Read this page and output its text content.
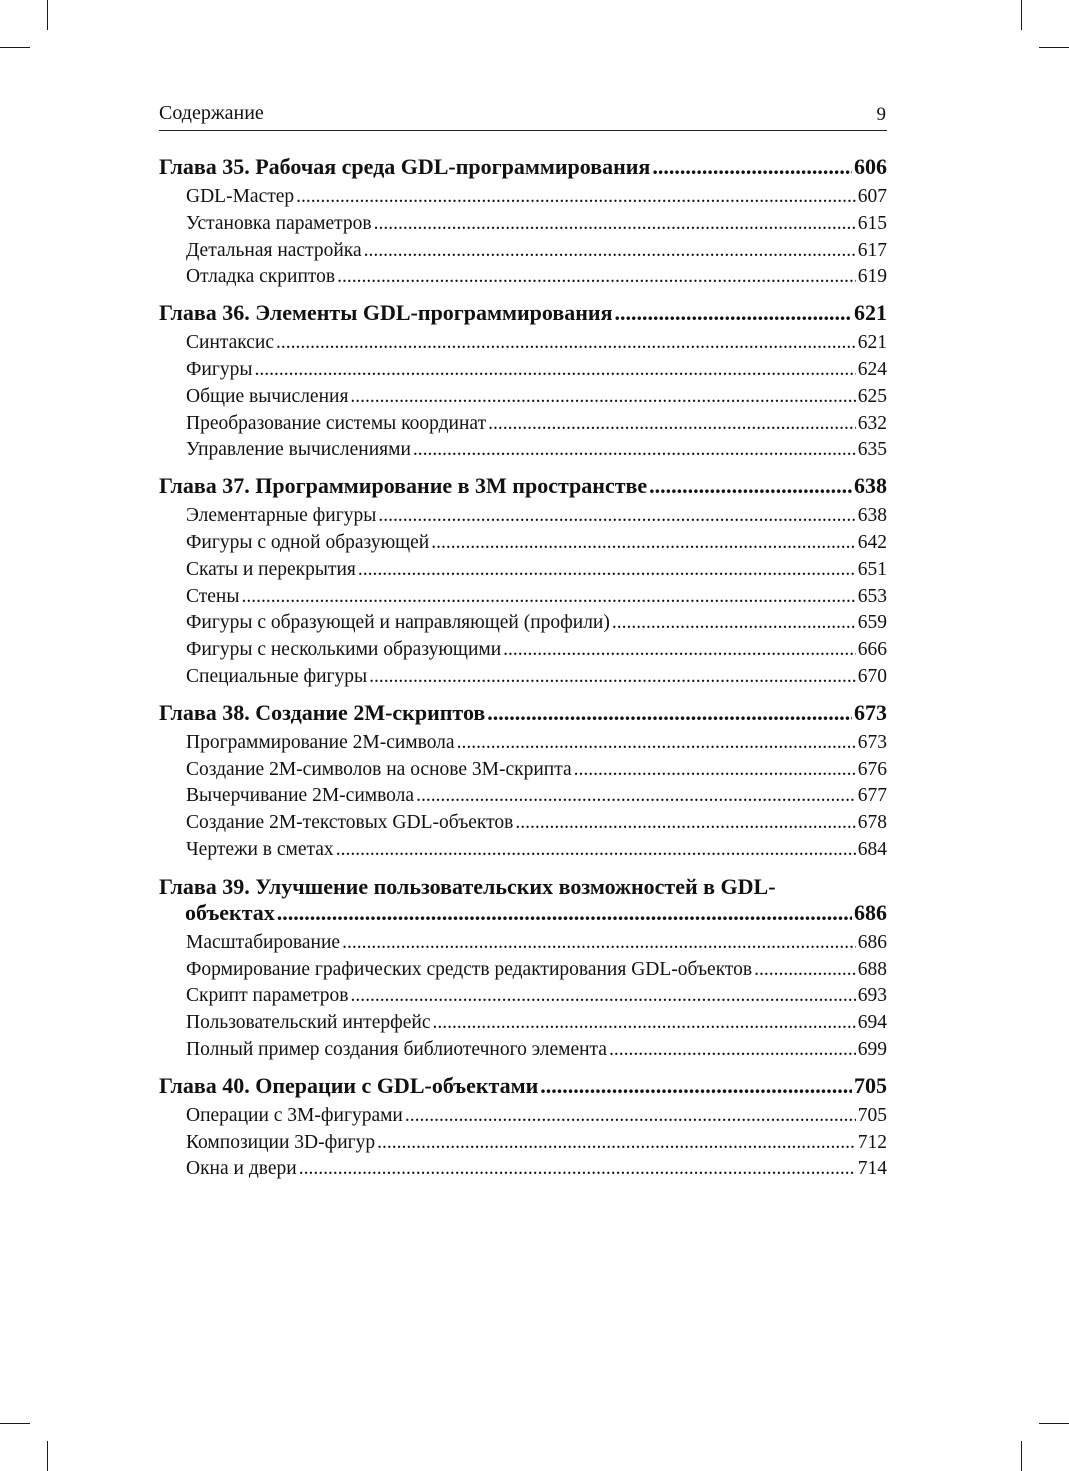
Содержание	9
Глава 35. Рабочая среда GDL-программирования .....	606
GDL-Мастер .....	607
Установка параметров .....	615
Детальная настройка .....	617
Отладка скриптов .....	619
Глава 36. Элементы GDL-программирования .....	621
Синтаксис .....	621
Фигуры .....	624
Общие вычисления .....	625
Преобразование системы координат .....	632
Управление вычислениями .....	635
Глава 37. Программирование в 3М пространстве .....	638
Элементарные фигуры .....	638
Фигуры с одной образующей .....	642
Скаты и перекрытия .....	651
Стены .....	653
Фигуры с образующей и направляющей (профили) .....	659
Фигуры с несколькими образующими .....	666
Специальные фигуры .....	670
Глава 38. Создание 2М-скриптов .....	673
Программирование 2М-символа .....	673
Создание 2М-символов на основе 3М-скрипта .....	676
Вычерчивание 2М-символа .....	677
Создание 2М-текстовых GDL-объектов .....	678
Чертежи в сметах .....	684
Глава 39. Улучшение пользовательских возможностей в GDL-
объектах .....	686
Масштабирование .....	686
Формирование графических средств редактирования GDL-объектов .....	688
Скрипт параметров .....	693
Пользовательский интерфейс .....	694
Полный пример создания библиотечного элемента .....	699
Глава 40. Операции с GDL-объектами .....	705
Операции с 3М-фигурами .....	705
Композиции 3D-фигур .....	712
Окна и двери .....	714
